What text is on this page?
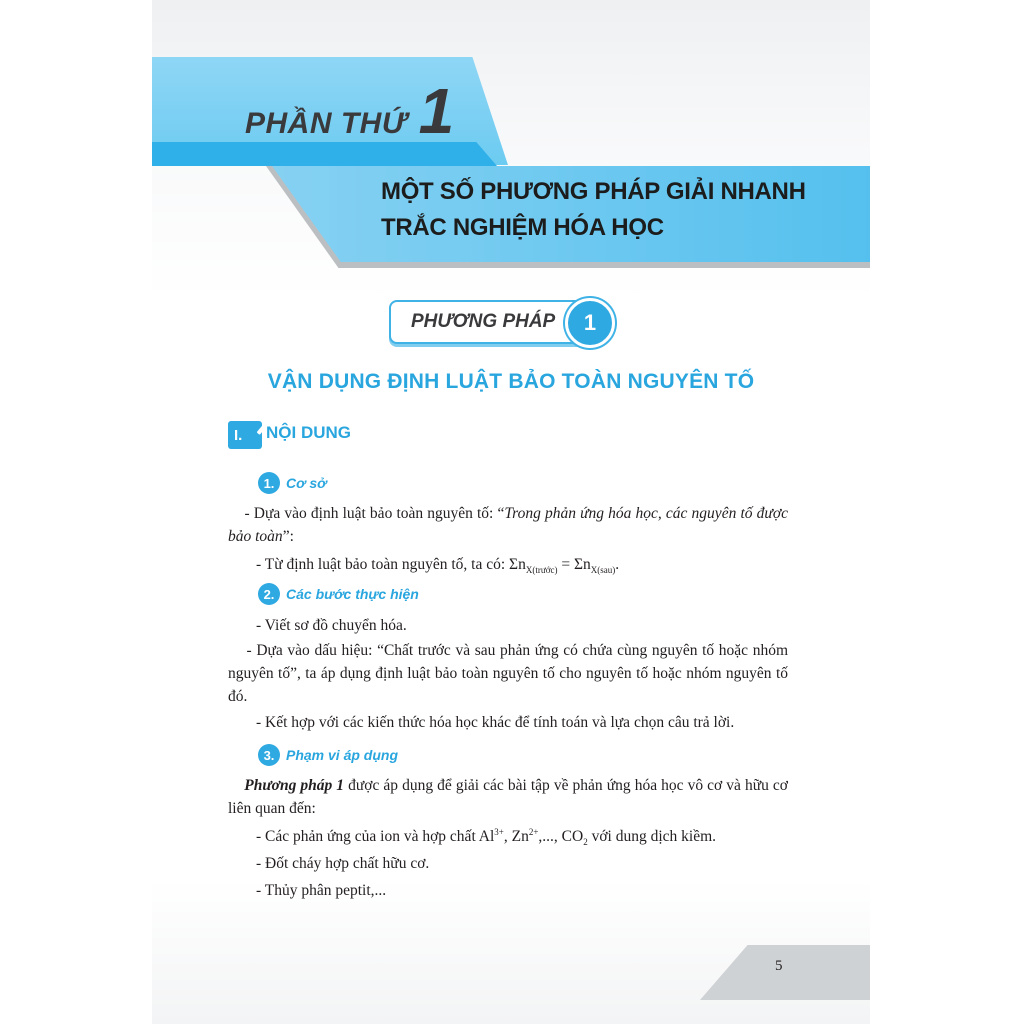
PHẦN THỨ 1
MỘT SỐ PHƯƠNG PHÁP GIẢI NHANH
TRẮC NGHIỆM HÓA HỌC
PHƯƠNG PHÁP	1
VẬN DỤNG ĐỊNH LUẬT BẢO TOÀN NGUYÊN TỐ
I. NỘI DUNG
1. Cơ sở
- Dựa vào định luật bảo toàn nguyên tố: “Trong phản ứng hóa học, các nguyên tố được bảo toàn”:
- Từ định luật bảo toàn nguyên tố, ta có: $\Sigma n_{X(trước)} = \Sigma n_{X(sau)}$.
2. Các bước thực hiện
- Viết sơ đồ chuyển hóa.
- Dựa vào dấu hiệu: “Chất trước và sau phản ứng có chứa cùng nguyên tố hoặc nhóm nguyên tố”, ta áp dụng định luật bảo toàn nguyên tố cho nguyên tố hoặc nhóm nguyên tố đó.
- Kết hợp với các kiến thức hóa học khác để tính toán và lựa chọn câu trả lời.
3. Phạm vi áp dụng
Phương pháp 1 được áp dụng để giải các bài tập về phản ứng hóa học vô cơ và hữu cơ liên quan đến:
- Các phản ứng của ion và hợp chất $Al^{3+}$, $Zn^{2+}$,..., $CO_2$ với dung dịch kiềm.
- Đốt cháy hợp chất hữu cơ.
- Thủy phân peptit,...
5
